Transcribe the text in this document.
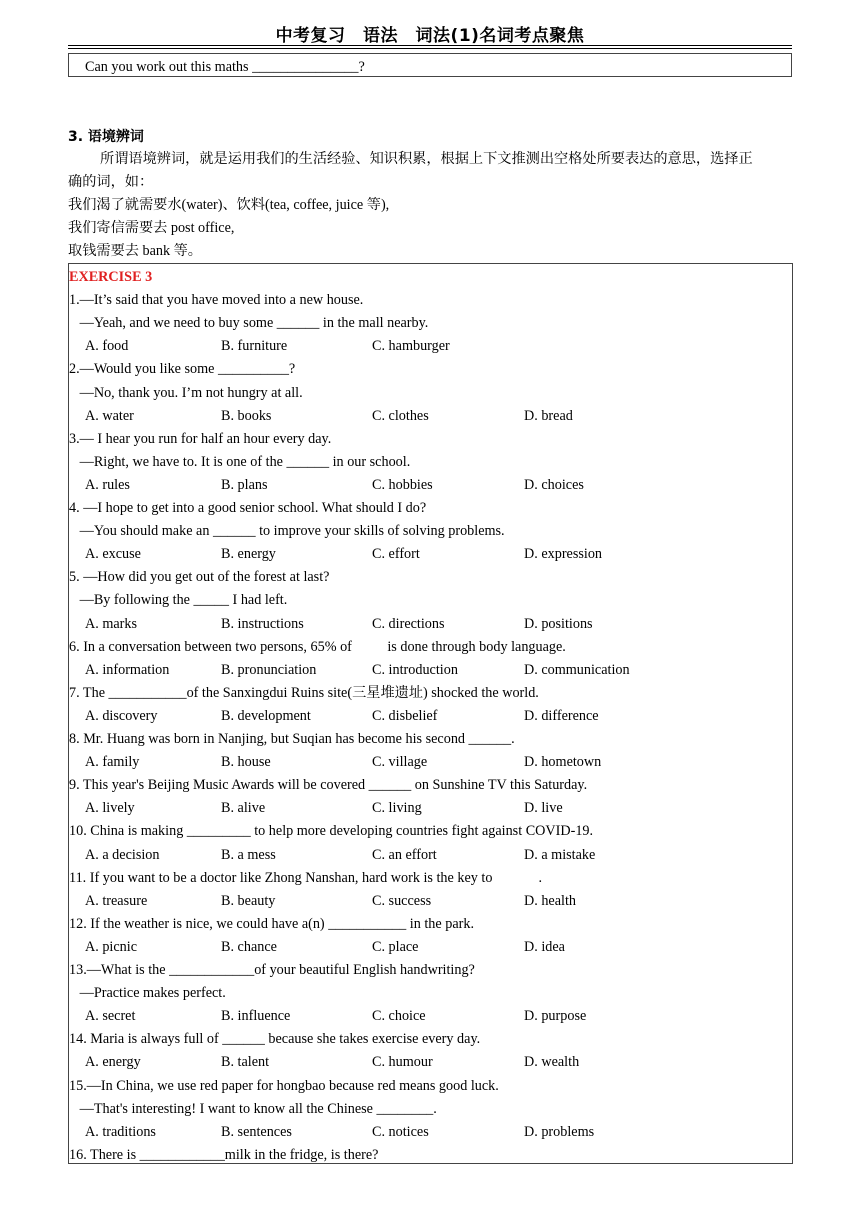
中考复习　语法　词法(1)名词考点聚焦
Can you work out this maths _______________?
3. 语境辨词
所谓语境辨词，就是运用我们的生活经验、知识积累，根据上下文推测出空格处所要表达的意思，选择正
确的词，如：
我们渴了就需要水(water)、饮料(tea, coffee, juice 等),
我们寄信需要去 post office,
取钱需要去 bank 等。
EXERCISE 3
1.—It’s said that you have moved into a new house.
—Yeah, and we need to buy some ______ in the mall nearby.
A. food	B. furniture	C. hamburger
2.—Would you like some __________?
—No, thank you. I’m not hungry at all.
A. water	B. books	C. clothes	D. bread
3.— I hear you run for half an hour every day.
—Right, we have to. It is one of the ______ in our school.
A. rules	B. plans	C. hobbies	D. choices
4. —I hope to get into a good senior school. What should I do?
—You should make an ______ to improve your skills of solving problems.
A. excuse	B. energy	C. effort	D. expression
5. —How did you get out of the forest at last?
—By following the _____ I had left.
A. marks	B. instructions	C. directions	D. positions
6. In a conversation between two persons, 65% of          is done through body language.
A. information	B. pronunciation	C. introduction	D. communication
7. The ___________of the Sanxingdui Ruins site(三星堆遗址) shocked the world.
A. discovery	B. development	C. disbelief	D. difference
8. Mr. Huang was born in Nanjing, but Suqian has become his second ______.
A. family	B. house	C. village	D. hometown
9. This year's Beijing Music Awards will be covered ______ on Sunshine TV this Saturday.
A. lively	B. alive	C. living	D. live
10. China is making _________ to help more developing countries fight against COVID-19.
A. a decision	B. a mess	C. an effort	D. a mistake
11. If you want to be a doctor like Zhong Nanshan, hard work is the key to             .
A. treasure	B. beauty	C. success	D. health
12. If the weather is nice, we could have a(n) ___________ in the park.
A. picnic	B. chance	C. place	D. idea
13.—What is the ____________of your beautiful English handwriting?
—Practice makes perfect.
A. secret	B. influence	C. choice	D. purpose
14. Maria is always full of ______ because she takes exercise every day.
A. energy	B. talent	C. humour	D. wealth
15.—In China, we use red paper for hongbao because red means good luck.
—That's interesting! I want to know all the Chinese ________.
A. traditions	B. sentences	C. notices	D. problems
16. There is ____________milk in the fridge, is there?
